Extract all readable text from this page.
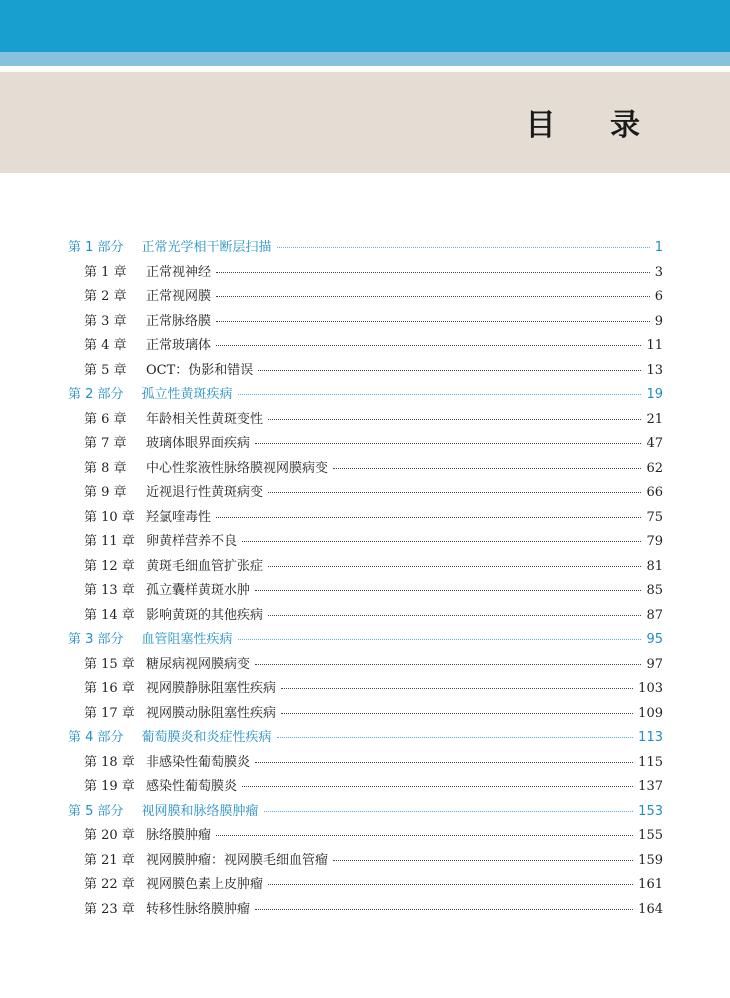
目 录
第 1 部分 正常光学相干断层扫描	1
第 1 章	正常视神经	3
第 2 章	正常视网膜	6
第 3 章	正常脉络膜	9
第 4 章	正常玻璃体	11
第 5 章	OCT：伪影和错误	13
第 2 部分 孤立性黄斑疾病	19
第 6 章	年龄相关性黄斑变性	21
第 7 章	玻璃体眼界面疾病	47
第 8 章	中心性浆液性脉络膜视网膜病变	62
第 9 章	近视退行性黄斑病变	66
第 10 章 羟氯喹毒性	75
第 11 章 卵黄样营养不良	79
第 12 章 黄斑毛细血管扩张症	81
第 13 章 孤立囊样黄斑水肿	85
第 14 章 影响黄斑的其他疾病	87
第 3 部分 血管阻塞性疾病	95
第 15 章 糖尿病视网膜病变	97
第 16 章 视网膜静脉阻塞性疾病	103
第 17 章 视网膜动脉阻塞性疾病	109
第 4 部分 葡萄膜炎和炎症性疾病	113
第 18 章 非感染性葡萄膜炎	115
第 19 章 感染性葡萄膜炎	137
第 5 部分 视网膜和脉络膜肿瘤	153
第 20 章 脉络膜肿瘤	155
第 21 章 视网膜肿瘤：视网膜毛细血管瘤	159
第 22 章 视网膜色素上皮肿瘤	161
第 23 章 转移性脉络膜肿瘤	164
